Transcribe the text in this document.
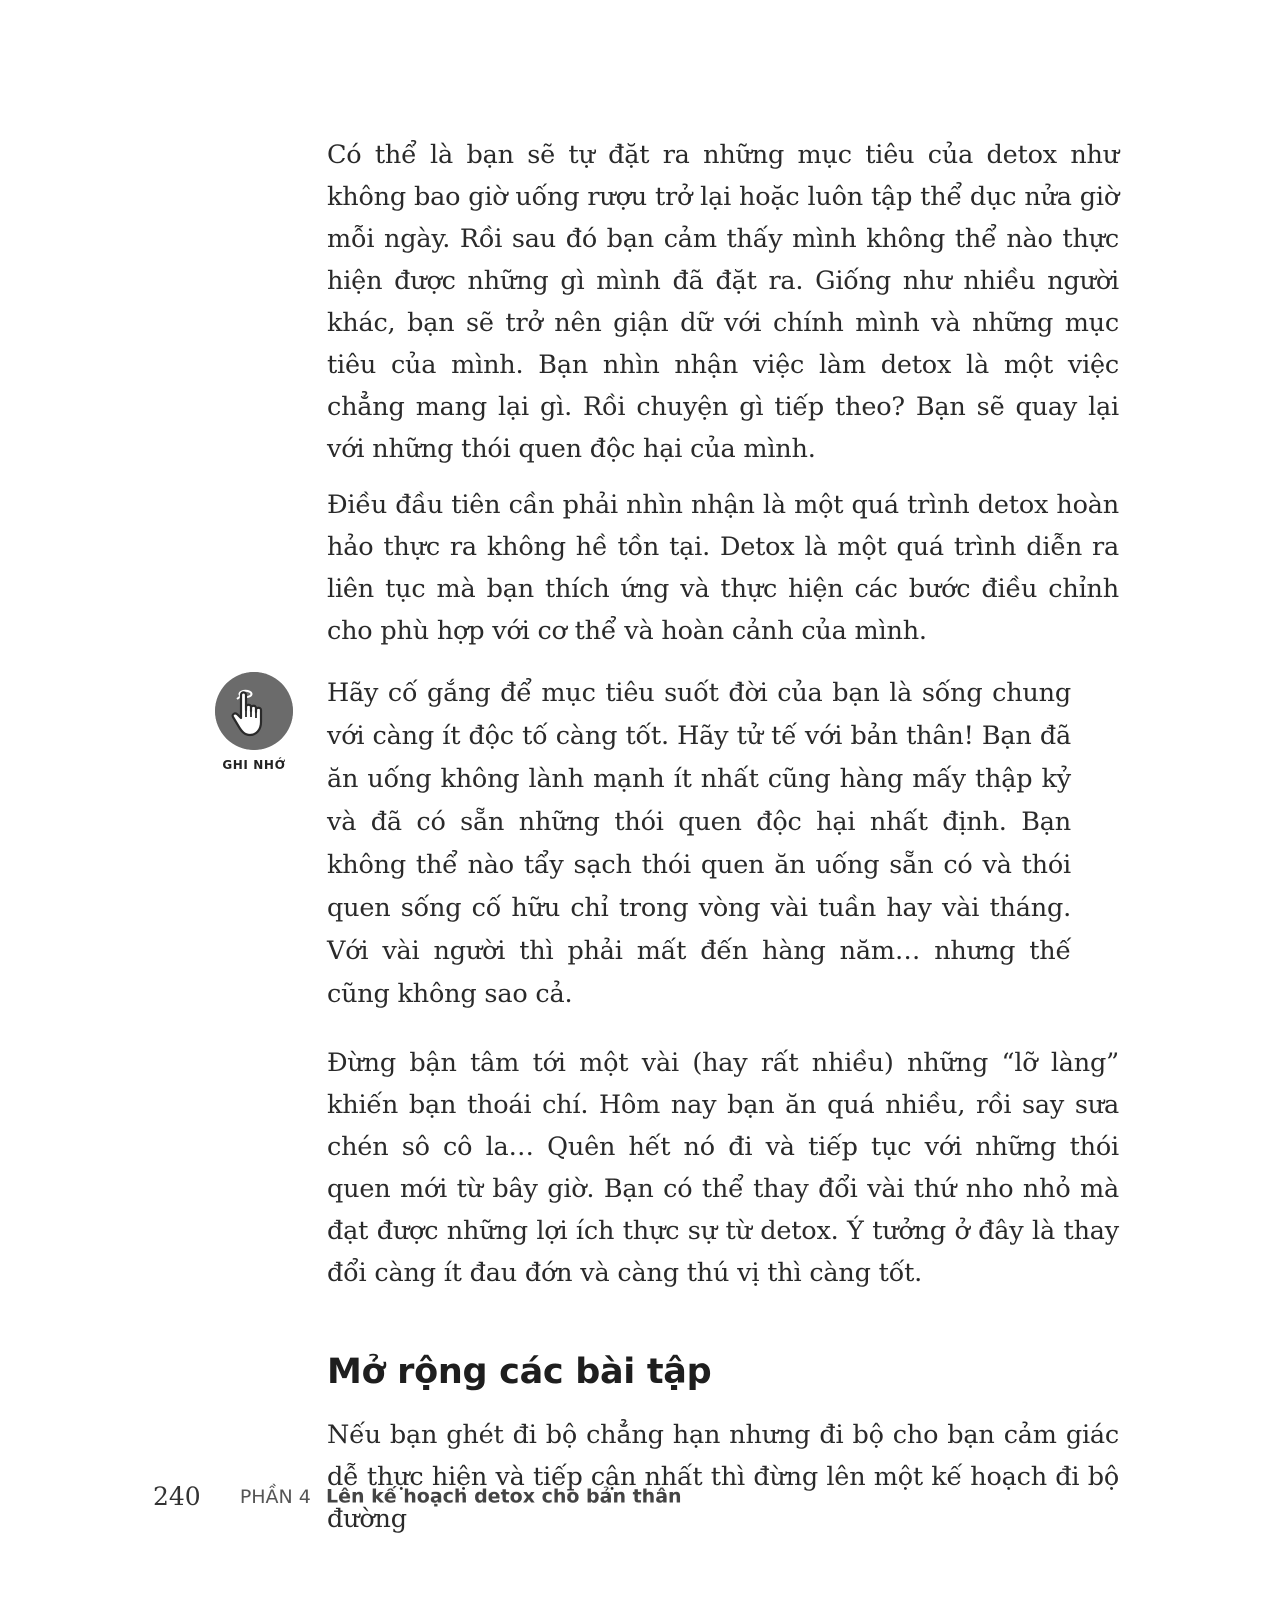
Có thể là bạn sẽ tự đặt ra những mục tiêu của detox như không bao giờ uống rượu trở lại hoặc luôn tập thể dục nửa giờ mỗi ngày. Rồi sau đó bạn cảm thấy mình không thể nào thực hiện được những gì mình đã đặt ra. Giống như nhiều người khác, bạn sẽ trở nên giận dữ với chính mình và những mục tiêu của mình. Bạn nhìn nhận việc làm detox là một việc chẳng mang lại gì. Rồi chuyện gì tiếp theo? Bạn sẽ quay lại với những thói quen độc hại của mình.

Điều đầu tiên cần phải nhìn nhận là một quá trình detox hoàn hảo thực ra không hề tồn tại. Detox là một quá trình diễn ra liên tục mà bạn thích ứng và thực hiện các bước điều chỉnh cho phù hợp với cơ thể và hoàn cảnh của mình.

GHI NHỚ

Hãy cố gắng để mục tiêu suốt đời của bạn là sống chung với càng ít độc tố càng tốt. Hãy tử tế với bản thân! Bạn đã ăn uống không lành mạnh ít nhất cũng hàng mấy thập kỷ và đã có sẵn những thói quen độc hại nhất định. Bạn không thể nào tẩy sạch thói quen ăn uống sẵn có và thói quen sống cố hữu chỉ trong vòng vài tuần hay vài tháng. Với vài người thì phải mất đến hàng năm… nhưng thế cũng không sao cả.

Đừng bận tâm tới một vài (hay rất nhiều) những “lỡ làng” khiến bạn thoái chí. Hôm nay bạn ăn quá nhiều, rồi say sưa chén sô cô la… Quên hết nó đi và tiếp tục với những thói quen mới từ bây giờ. Bạn có thể thay đổi vài thứ nho nhỏ mà đạt được những lợi ích thực sự từ detox. Ý tưởng ở đây là thay đổi càng ít đau đớn và càng thú vị thì càng tốt.

Mở rộng các bài tập

Nếu bạn ghét đi bộ chẳng hạn nhưng đi bộ cho bạn cảm giác dễ thực hiện và tiếp cận nhất thì đừng lên một kế hoạch đi bộ đường

240 PHẦN 4 Lên kế hoạch detox cho bản thân
